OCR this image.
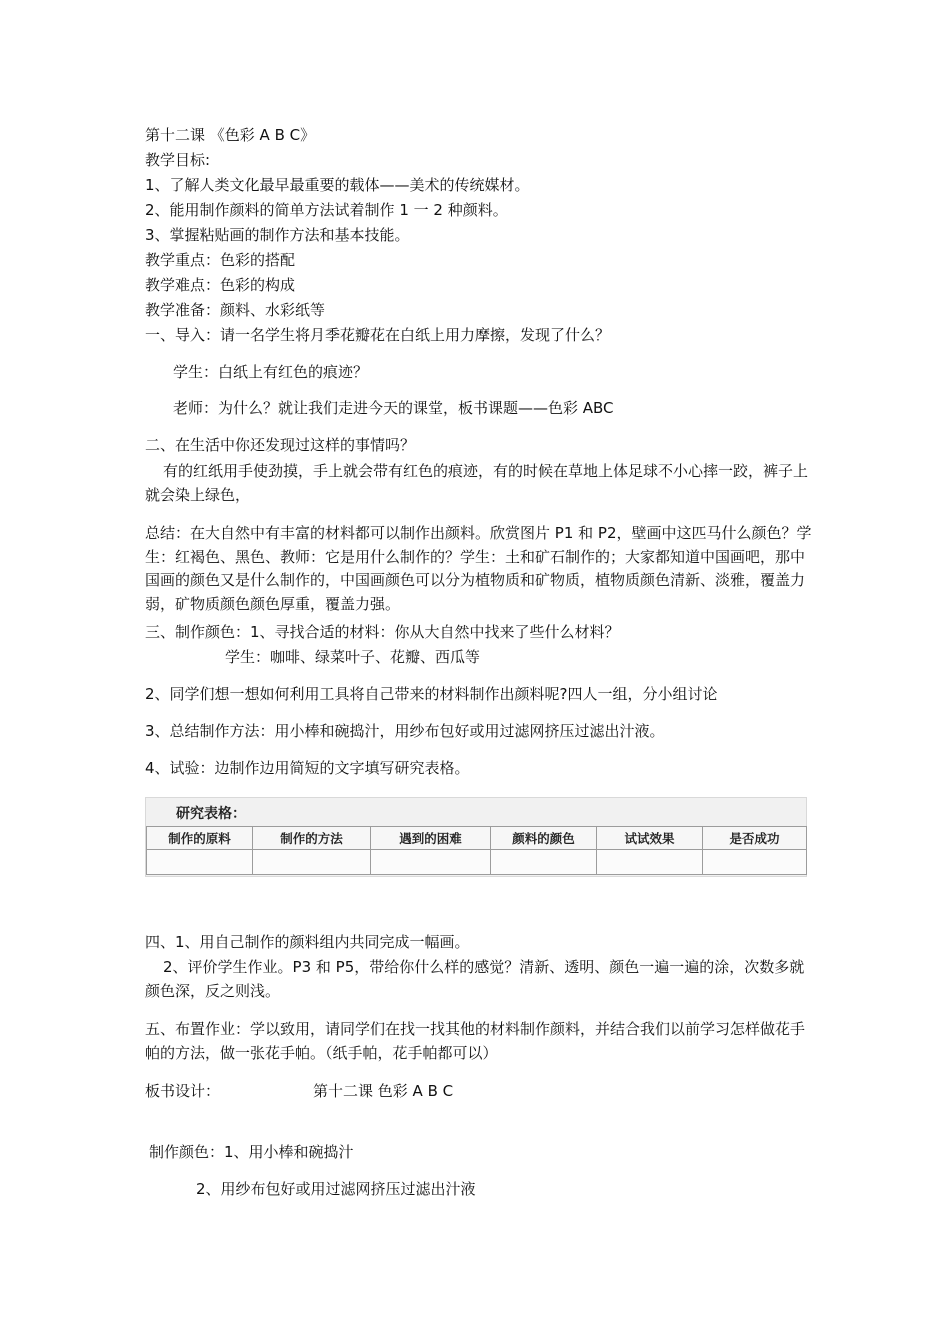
第十二课 《色彩 A B C》
教学目标:
1、了解人类文化最早最重要的载体——美术的传统媒材。
2、能用制作颜料的简单方法试着制作 1 一 2 种颜料。
3、掌握粘贴画的制作方法和基本技能。
教学重点：色彩的搭配
教学难点：色彩的构成
教学准备：颜料、水彩纸等
一、导入：请一名学生将月季花瓣花在白纸上用力摩擦，发现了什么？
学生：白纸上有红色的痕迹？
老师：为什么？就让我们走进今天的课堂，板书课题——色彩 ABC
二、在生活中你还发现过这样的事情吗？
有的红纸用手使劲摸，手上就会带有红色的痕迹，有的时候在草地上体足球不小心摔一跤，裤子上就会染上绿色，
总结：在大自然中有丰富的材料都可以制作出颜料。欣赏图片 P1 和 P2，壁画中这匹马什么颜色？学生：红褐色、黑色、教师：它是用什么制作的？学生：土和矿石制作的；大家都知道中国画吧，那中国画的颜色又是什么制作的，中国画颜色可以分为植物质和矿物质，植物质颜色清新、淡雅，覆盖力弱，矿物质颜色颜色厚重，覆盖力强。
三、制作颜色：1、寻找合适的材料：你从大自然中找来了些什么材料？
学生：咖啡、绿菜叶子、花瓣、西瓜等
2、同学们想一想如何利用工具将自己带来的材料制作出颜料呢?四人一组，分小组讨论
3、总结制作方法：用小棒和碗捣汁，用纱布包好或用过滤网挤压过滤出汁液。
4、试验：边制作边用简短的文字填写研究表格。
研究表格：
制作的原料	制作的方法	遇到的困难	颜料的颜色	试试效果	是否成功

四、1、用自己制作的颜料组内共同完成一幅画。
2、评价学生作业。P3 和 P5，带给你什么样的感觉？清新、透明、颜色一遍一遍的涂，次数多就颜色深，反之则浅。
五、布置作业：学以致用，请同学们在找一找其他的材料制作颜料，并结合我们以前学习怎样做花手帕的方法，做一张花手帕。（纸手帕，花手帕都可以）
板书设计：	第十二课 色彩 A B C
制作颜色：1、用小棒和碗捣汁
2、用纱布包好或用过滤网挤压过滤出汁液
